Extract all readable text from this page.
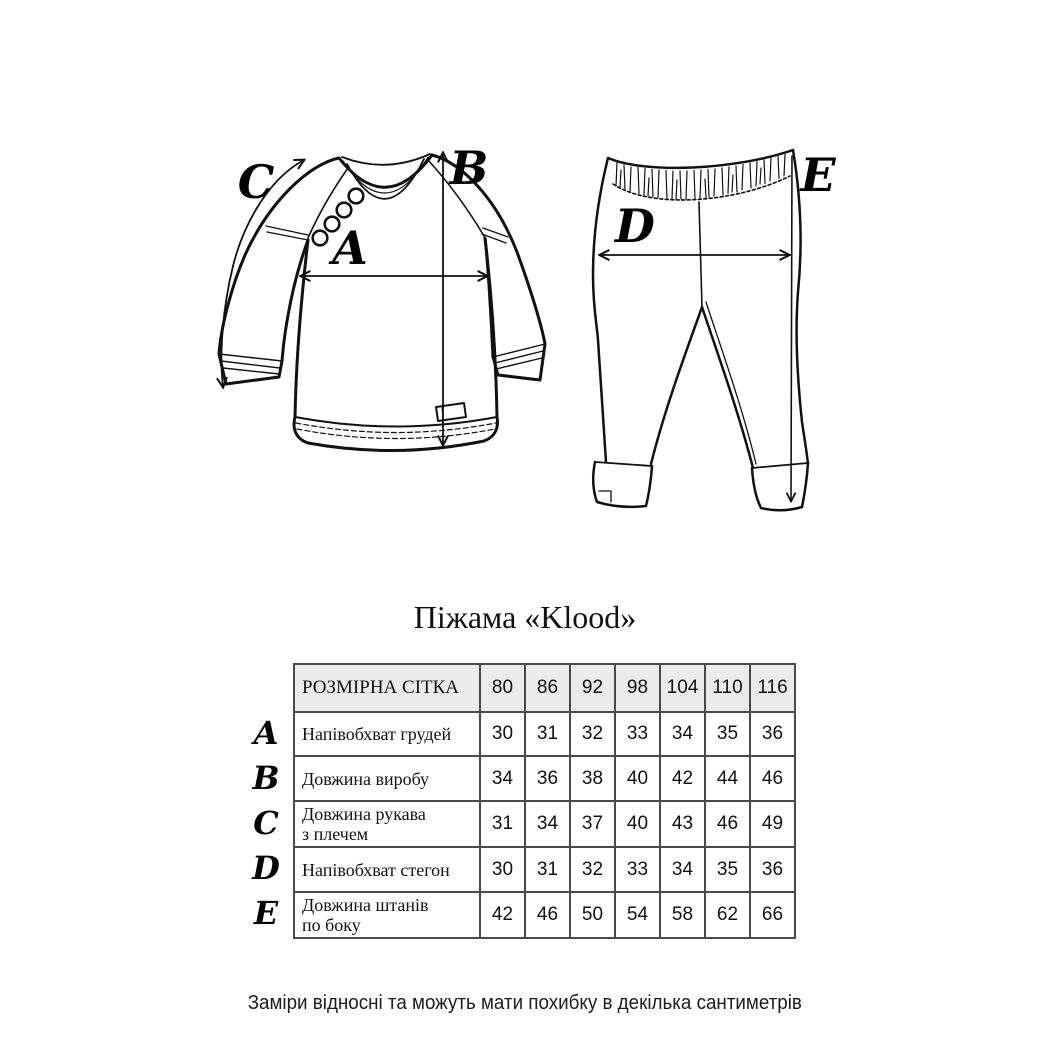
A
B
C
D
E
Піжама «Klood»
A
B
C
D
E
РОЗМІРНА СІТКА	80	86	92	98	104	110	116

Напівобхват грудей	30	31	32	33	34	35	36

Довжина виробу	34	36	38	40	42	44	46

Довжина рукава
з плечем	31	34	37	40	43	46	49

Напівобхват стегон	30	31	32	33	34	35	36

Довжина штанів
по боку	42	46	50	54	58	62	66
Заміри відносні та можуть мати похибку в декілька сантиметрів
